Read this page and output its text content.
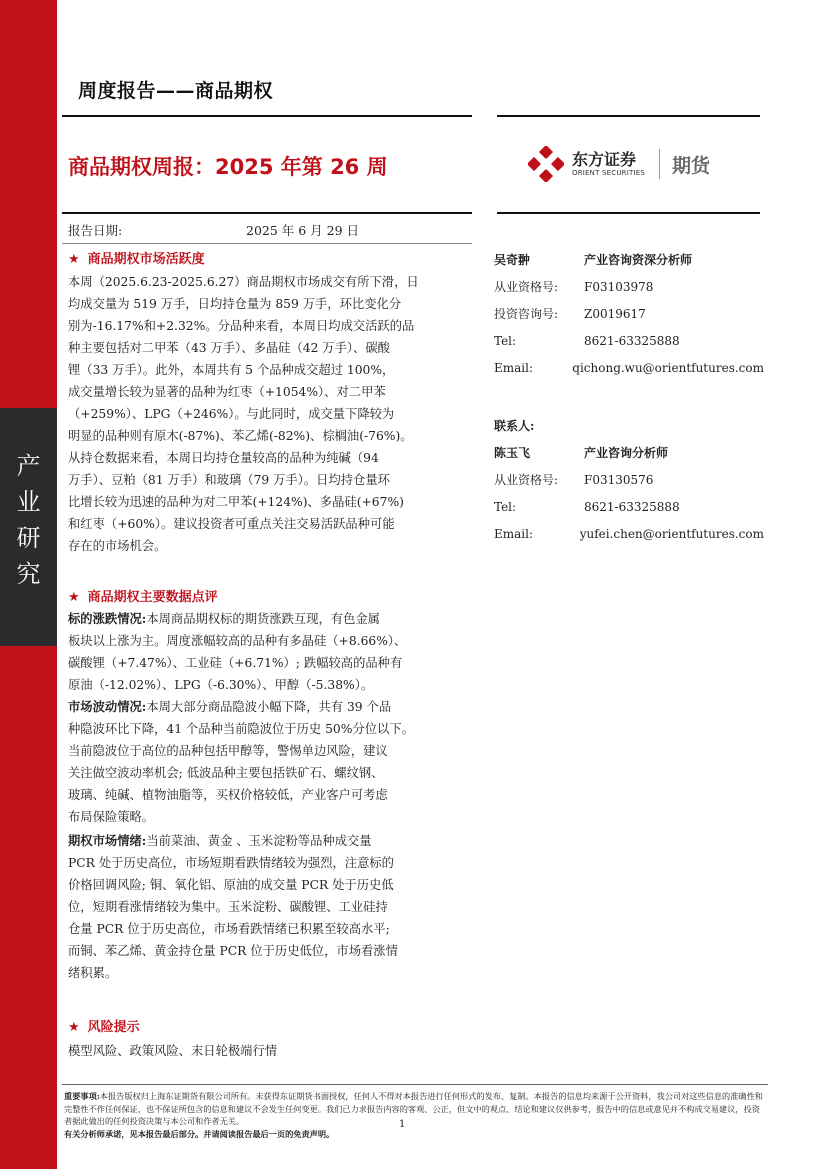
产
业
研
究
周度报告——商品期权
商品期权周报：2025 年第 26 周	东方证券
ORIENT SECURITIES 期货
报告日期:	2025 年 6 月 29 日
★ 商品期权市场活跃度
本周（2025.6.23-2025.6.27）商品期权市场成交有所下滑，日
均成交量为 519 万手，日均持仓量为 859 万手，环比变化分
别为-16.17%和+2.32%。分品种来看，本周日均成交活跃的品
种主要包括对二甲苯（43 万手）、多晶硅（42 万手）、碳酸
锂（33 万手）。此外，本周共有 5 个品种成交超过 100%，
成交量增长较为显著的品种为红枣（+1054%）、对二甲苯
（+259%）、LPG（+246%）。与此同时，成交量下降较为
明显的品种则有原木(-87%)、苯乙烯(-82%)、棕榈油(-76%)。
从持仓数据来看，本周日均持仓量较高的品种为纯碱（94
万手）、豆粕（81 万手）和玻璃（79 万手）。日均持仓量环
比增长较为迅速的品种为对二甲苯(+124%)、多晶硅(+67%)
和红枣（+60%）。建议投资者可重点关注交易活跃品种可能
存在的市场机会。
★ 商品期权主要数据点评
标的涨跌情况:本周商品期权标的期货涨跌互现，有色金属
板块以上涨为主。周度涨幅较高的品种有多晶硅（+8.66%）、
碳酸锂（+7.47%）、工业硅（+6.71%）; 跌幅较高的品种有
原油（-12.02%）、LPG（-6.30%）、甲醇（-5.38%）。
市场波动情况:本周大部分商品隐波小幅下降，共有 39 个品
种隐波环比下降，41 个品种当前隐波位于历史 50%分位以下。
当前隐波位于高位的品种包括甲醇等，警惕单边风险，建议
关注做空波动率机会; 低波品种主要包括铁矿石、螺纹钢、
玻璃、纯碱、植物油脂等，买权价格较低，产业客户可考虑
布局保险策略。
期权市场情绪:当前菜油、黄金 、玉米淀粉等品种成交量
PCR 处于历史高位，市场短期看跌情绪较为强烈，注意标的
价格回调风险; 铜、氧化铝、原油的成交量 PCR 处于历史低
位，短期看涨情绪较为集中。玉米淀粉、碳酸锂、工业硅持
仓量 PCR 位于历史高位，市场看跌情绪已积累至较高水平;
而铜、苯乙烯、黄金持仓量 PCR 位于历史低位，市场看涨情
绪积累。
★ 风险提示
模型风险、政策风险、末日轮极端行情
吴奇翀	产业咨询资深分析师
从业资格号:	F03103978
投资咨询号:	Z0019617
Tel:	8621-63325888
Email:	qichong.wu@orientfutures.com
联系人:
陈玉飞	产业咨询分析师
从业资格号:	F03130576
Tel:	8621-63325888
Email:	yufei.chen@orientfutures.com
重要事项:本报告版权归上海东证期货有限公司所有。未获得东证期货书面授权，任何人不得对本报告进行任何形式的发布、复制。本报告的信息均来源于公开资料，我公司对这些信息的准确性和完整性不作任何保证，也不保证所包含的信息和建议不会发生任何变更。我们已力求报告内容的客观、公正，但文中的观点、结论和建议仅供参考，报告中的信息或意见并不构成交易建议，投资者据此做出的任何投资决策与本公司和作者无关。
有关分析师承诺，见本报告最后部分。并请阅读报告最后一页的免责声明。
1
